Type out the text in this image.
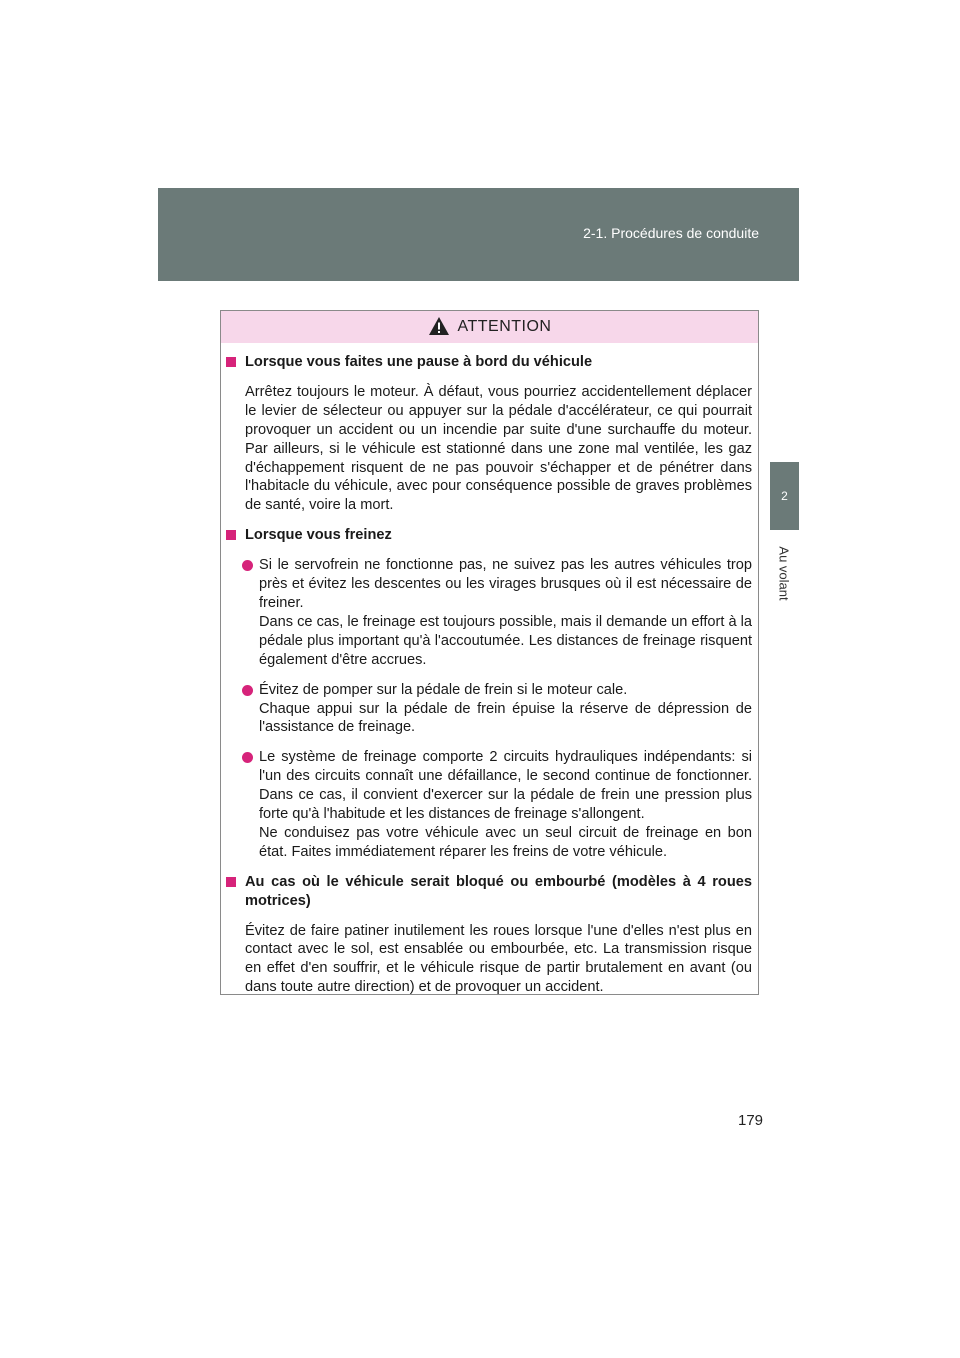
2-1. Procédures de conduite
2
Au volant
ATTENTION

Lorsque vous faites une pause à bord du véhicule

Arrêtez toujours le moteur. À défaut, vous pourriez accidentellement déplacer le levier de sélecteur ou appuyer sur la pédale d'accélérateur, ce qui pourrait provoquer un accident ou un incendie par suite d'une surchauffe du moteur. Par ailleurs, si le véhicule est stationné dans une zone mal ventilée, les gaz d'échappement risquent de ne pas pouvoir s'échapper et de pénétrer dans l'habitacle du véhicule, avec pour conséquence possible de graves problèmes de santé, voire la mort.

Lorsque vous freinez

Si le servofrein ne fonctionne pas, ne suivez pas les autres véhicules trop près et évitez les descentes ou les virages brusques où il est nécessaire de freiner.

Dans ce cas, le freinage est toujours possible, mais il demande un effort à la pédale plus important qu'à l'accoutumée. Les distances de freinage risquent également d'être accrues.

Évitez de pomper sur la pédale de frein si le moteur cale.

Chaque appui sur la pédale de frein épuise la réserve de dépression de l'assistance de freinage.

Le système de freinage comporte 2 circuits hydrauliques indépendants: si l'un des circuits connaît une défaillance, le second continue de fonctionner. Dans ce cas, il convient d'exercer sur la pédale de frein une pression plus forte qu'à l'habitude et les distances de freinage s'allongent.

Ne conduisez pas votre véhicule avec un seul circuit de freinage en bon état. Faites immédiatement réparer les freins de votre véhicule.

Au cas où le véhicule serait bloqué ou embourbé (modèles à 4 roues motrices)

Évitez de faire patiner inutilement les roues lorsque l'une d'elles n'est plus en contact avec le sol, est ensablée ou embourbée, etc. La transmission risque en effet d'en souffrir, et le véhicule risque de partir brutalement en avant (ou dans toute autre direction) et de provoquer un accident.

179
